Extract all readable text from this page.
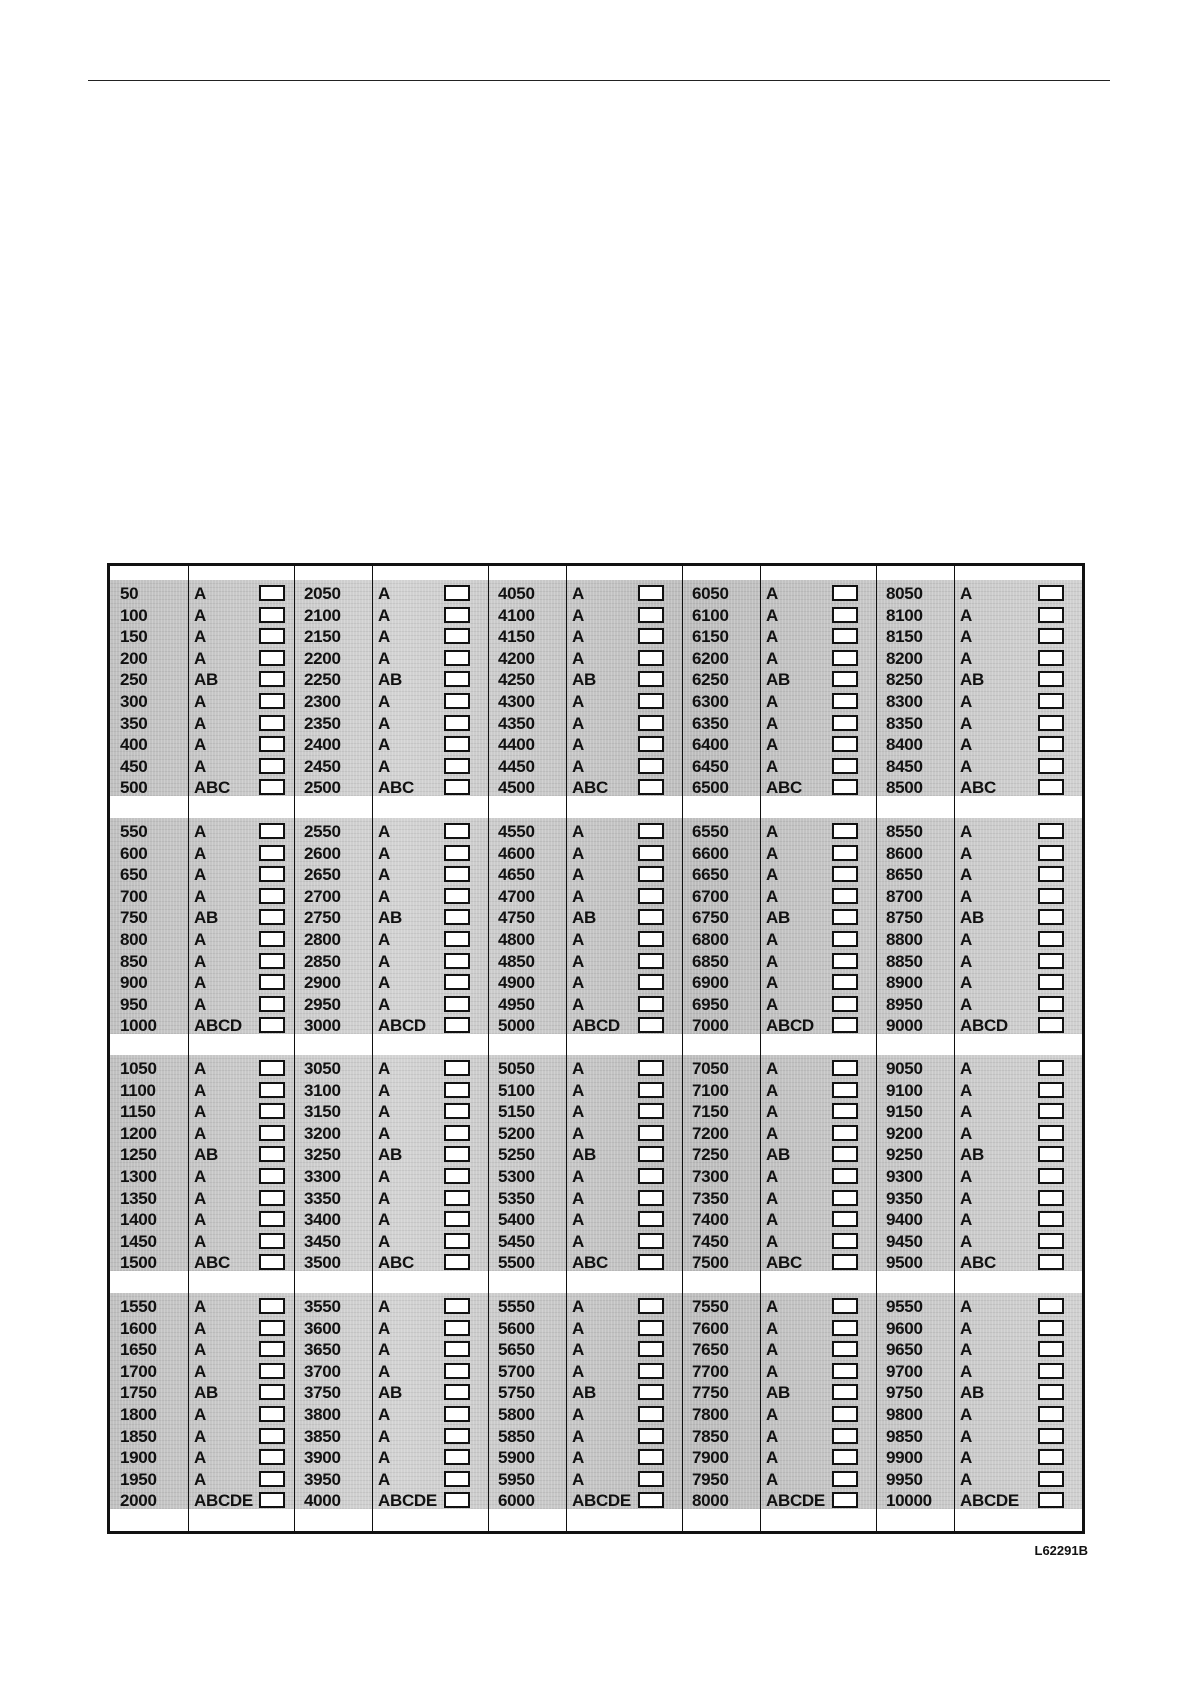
50	A
100	A
150	A
200	A
250	AB
300	A
350	A
400	A
450	A
500	ABC
550	A
600	A
650	A
700	A
750	AB
800	A
850	A
900	A
950	A
1000 ABCD
1050 A
1100 A
1150 A
1200 A
1250 AB
1300 A
1350 A
1400 A
1450 A
1500 ABC
1550 A
1600 A
1650 A
1700 A
1750 AB
1800 A
1850 A
1900 A
1950 A
2000 ABCDE
2050 A
2100 A
2150 A
2200 A
2250 AB
2300 A
2350 A
2400 A
2450 A
2500 ABC
2550 A
2600 A
2650 A
2700 A
2750 AB
2800 A
2850 A
2900 A
2950 A
3000 ABCD
3050 A
3100 A
3150 A
3200 A
3250 AB
3300 A
3350 A
3400 A
3450 A
3500 ABC
3550 A
3600 A
3650 A
3700 A
3750 AB
3800 A
3850 A
3900 A
3950 A
4000 ABCDE
4050 A
4100 A
4150 A
4200 A
4250 AB
4300 A
4350 A
4400 A
4450 A
4500 ABC
4550 A
4600 A
4650 A
4700 A
4750 AB
4800 A
4850 A
4900 A
4950 A
5000 ABCD
5050 A
5100 A
5150 A
5200 A
5250 AB
5300 A
5350 A
5400 A
5450 A
5500 ABC
5550 A
5600 A
5650 A
5700 A
5750 AB
5800 A
5850 A
5900 A
5950 A
6000 ABCDE
6050 A
6100 A
6150 A
6200 A
6250 AB
6300 A
6350 A
6400 A
6450 A
6500 ABC
6550 A
6600 A
6650 A
6700 A
6750 AB
6800 A
6850 A
6900 A
6950 A
7000 ABCD
7050 A
7100 A
7150 A
7200 A
7250 AB
7300 A
7350 A
7400 A
7450 A
7500 ABC
7550 A
7600 A
7650 A
7700 A
7750 AB
7800 A
7850 A
7900 A
7950 A
8000 ABCDE
8050 A
8100 A
8150 A
8200 A
8250 AB
8300 A
8350 A
8400 A
8450 A
8500 ABC
8550 A
8600 A
8650 A
8700 A
8750 AB
8800 A
8850 A
8900 A
8950 A
9000 ABCD
9050 A
9100 A
9150 A
9200 A
9250 AB
9300 A
9350 A
9400 A
9450 A
9500 ABC
9550 A
9600 A
9650 A
9700 A
9750 AB
9800 A
9850 A
9900 A
9950 A
10000 ABCDE
L62291B
